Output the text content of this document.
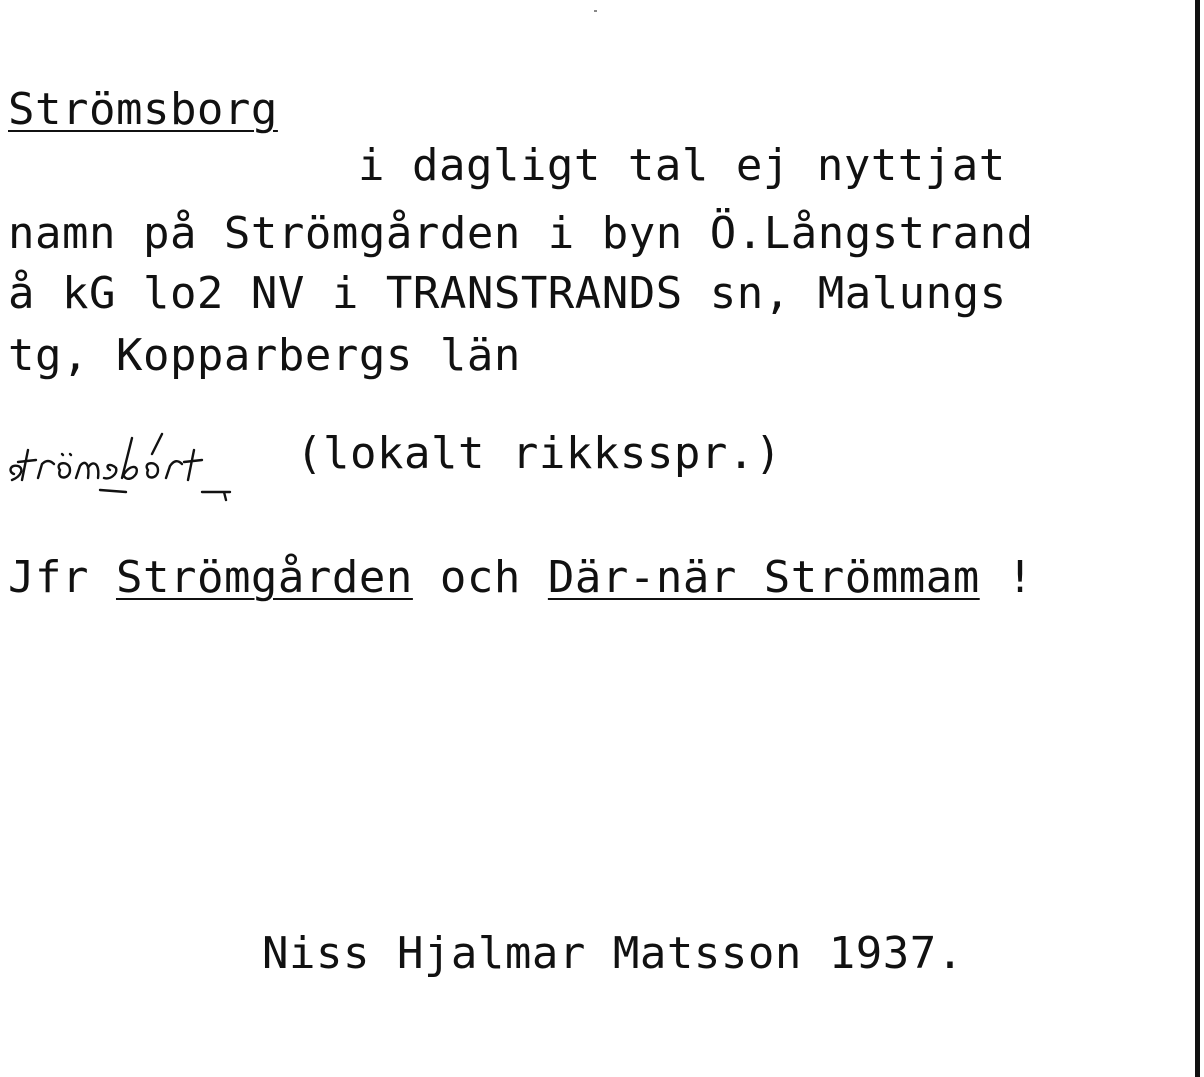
Strömsborg
i dagligt tal ej nyttjat
namn på Strömgården i byn Ö.Långstrand
å kG lo2 NV i TRANSTRANDS sn, Malungs
tg, Kopparbergs län
(lokalt rikksspr.)
Jfr Strömgården och Där-när Strömmam !
Niss Hjalmar Matsson 1937.
